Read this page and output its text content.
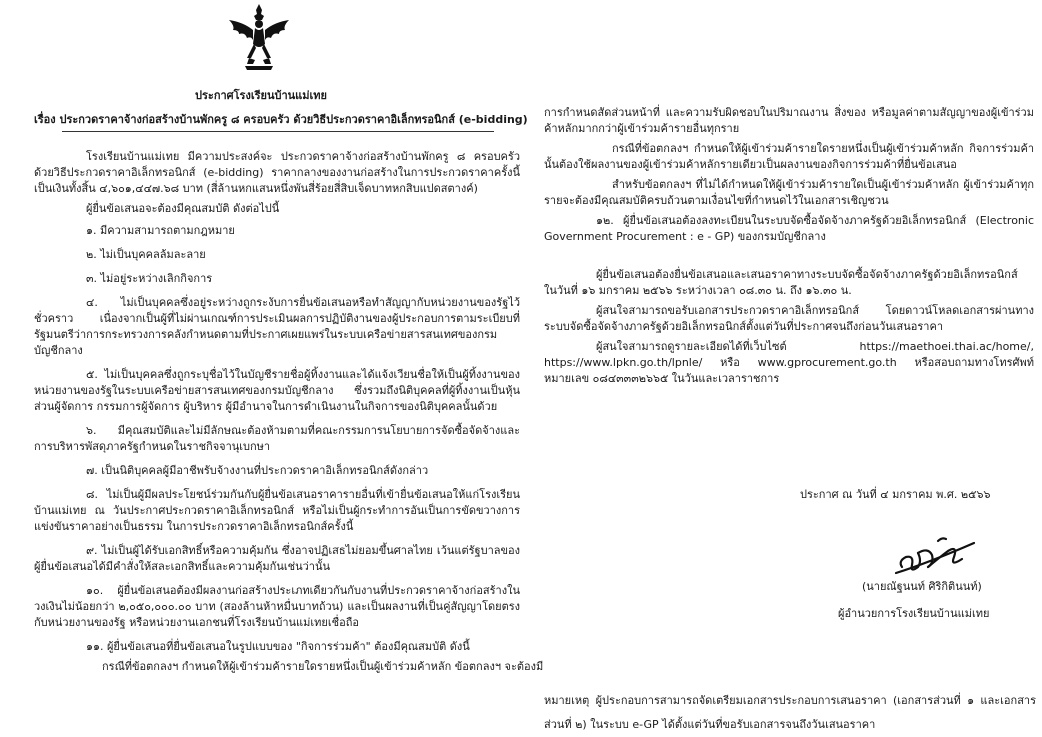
ประกาศโรงเรียนบ้านแม่เทย
เรื่อง ประกวดราคาจ้างก่อสร้างบ้านพักครู ๘ ครอบครัว ด้วยวิธีประกวดราคาอิเล็กทรอนิกส์ (e-bidding)

โรงเรียนบ้านแม่เทย มีความประสงค์จะ ประกวดราคาจ้างก่อสร้างบ้านพักครู ๘ ครอบครัว ด้วยวิธีประกวดราคาอิเล็กทรอนิกส์ (e-bidding) ราคากลางของงานก่อสร้างในการประกวดราคาครั้งนี้เป็นเงินทั้งสิ้น ๔,๖๐๑,๔๔๗.๖๘ บาท (สี่ล้านหกแสนหนึ่งพันสี่ร้อยสี่สิบเจ็ดบาทหกสิบแปดสตางค์)

ผู้ยื่นข้อเสนอจะต้องมีคุณสมบัติ ดังต่อไปนี้

๑. มีความสามารถตามกฎหมาย

๒. ไม่เป็นบุคคลล้มละลาย

๓. ไม่อยู่ระหว่างเลิกกิจการ

๔. ไม่เป็นบุคคลซึ่งอยู่ระหว่างถูกระงับการยื่นข้อเสนอหรือทำสัญญากับหน่วยงานของรัฐไว้ชั่วคราว เนื่องจากเป็นผู้ที่ไม่ผ่านเกณฑ์การประเมินผลการปฏิบัติงานของผู้ประกอบการตามระเบียบที่รัฐมนตรีว่าการกระทรวงการคลังกำหนดตามที่ประกาศเผยแพร่ในระบบเครือข่ายสารสนเทศของกรมบัญชีกลาง

๕. ไม่เป็นบุคคลซึ่งถูกระบุชื่อไว้ในบัญชีรายชื่อผู้ทิ้งงานและได้แจ้งเวียนชื่อให้เป็นผู้ทิ้งงานของหน่วยงานของรัฐในระบบเครือข่ายสารสนเทศของกรมบัญชีกลาง ซึ่งรวมถึงนิติบุคคลที่ผู้ทิ้งงานเป็นหุ้นส่วนผู้จัดการ กรรมการผู้จัดการ ผู้บริหาร ผู้มีอำนาจในการดำเนินงานในกิจการของนิติบุคคลนั้นด้วย

๖. มีคุณสมบัติและไม่มีลักษณะต้องห้ามตามที่คณะกรรมการนโยบายการจัดซื้อจัดจ้างและการบริหารพัสดุภาครัฐกำหนดในราชกิจจานุเบกษา

๗. เป็นนิติบุคคลผู้มีอาชีพรับจ้างงานที่ประกวดราคาอิเล็กทรอนิกส์ดังกล่าว

๘. ไม่เป็นผู้มีผลประโยชน์ร่วมกันกับผู้ยื่นข้อเสนอราคารายอื่นที่เข้ายื่นข้อเสนอให้แก่โรงเรียนบ้านแม่เทย ณ วันประกาศประกวดราคาอิเล็กทรอนิกส์ หรือไม่เป็นผู้กระทำการอันเป็นการขัดขวางการแข่งขันราคาอย่างเป็นธรรม ในการประกวดราคาอิเล็กทรอนิกส์ครั้งนี้

๙. ไม่เป็นผู้ได้รับเอกสิทธิ์หรือความคุ้มกัน ซึ่งอาจปฏิเสธไม่ยอมขึ้นศาลไทย เว้นแต่รัฐบาลของผู้ยื่นข้อเสนอได้มีคำสั่งให้สละเอกสิทธิ์และความคุ้มกันเช่นว่านั้น

๑๐. ผู้ยื่นข้อเสนอต้องมีผลงานก่อสร้างประเภทเดียวกันกับงานที่ประกวดราคาจ้างก่อสร้างในวงเงินไม่น้อยกว่า ๒,๐๕๐,๐๐๐.๐๐ บาท (สองล้านห้าหมื่นบาทถ้วน) และเป็นผลงานที่เป็นคู่สัญญาโดยตรงกับหน่วยงานของรัฐ หรือหน่วยงานเอกชนที่โรงเรียนบ้านแม่เทยเชื่อถือ

๑๑. ผู้ยื่นข้อเสนอที่ยื่นข้อเสนอในรูปแบบของ "กิจการร่วมค้า" ต้องมีคุณสมบัติ ดังนี้

กรณีที่ข้อตกลงฯ กำหนดให้ผู้เข้าร่วมค้ารายใดรายหนึ่งเป็นผู้เข้าร่วมค้าหลัก ข้อตกลงฯ จะต้องมี

การกำหนดสัดส่วนหน้าที่ และความรับผิดชอบในปริมาณงาน สิ่งของ หรือมูลค่าตามสัญญาของผู้เข้าร่วมค้าหลักมากกว่าผู้เข้าร่วมค้ารายอื่นทุกราย

กรณีที่ข้อตกลงฯ กำหนดให้ผู้เข้าร่วมค้ารายใดรายหนึ่งเป็นผู้เข้าร่วมค้าหลัก กิจการร่วมค้านั้นต้องใช้ผลงานของผู้เข้าร่วมค้าหลักรายเดียวเป็นผลงานของกิจการร่วมค้าที่ยื่นข้อเสนอ

สำหรับข้อตกลงฯ ที่ไม่ได้กำหนดให้ผู้เข้าร่วมค้ารายใดเป็นผู้เข้าร่วมค้าหลัก ผู้เข้าร่วมค้าทุกรายจะต้องมีคุณสมบัติครบถ้วนตามเงื่อนไขที่กำหนดไว้ในเอกสารเชิญชวน

๑๒. ผู้ยื่นข้อเสนอต้องลงทะเบียนในระบบจัดซื้อจัดจ้างภาครัฐด้วยอิเล็กทรอนิกส์ (Electronic Government Procurement : e - GP) ของกรมบัญชีกลาง

ผู้ยื่นข้อเสนอต้องยื่นข้อเสนอและเสนอราคาทางระบบจัดซื้อจัดจ้างภาครัฐด้วยอิเล็กทรอนิกส์ ในวันที่ ๑๖ มกราคม ๒๕๖๖ ระหว่างเวลา ๐๘.๓๐ น. ถึง ๑๖.๓๐ น.

ผู้สนใจสามารถขอรับเอกสารประกวดราคาอิเล็กทรอนิกส์ โดยดาวน์โหลดเอกสารผ่านทางระบบจัดซื้อจัดจ้างภาครัฐด้วยอิเล็กทรอนิกส์ตั้งแต่วันที่ประกาศจนถึงก่อนวันเสนอราคา

ผู้สนใจสามารถดูรายละเอียดได้ที่เว็บไซต์ https://maethoei.thai.ac/home/, https://www.lpkn.go.th/lpnle/ หรือ www.gprocurement.go.th หรือสอบถามทางโทรศัพท์หมายเลข ๐๘๔๓๓๓๒๖๖๕ ในวันและเวลาราชการ

ประกาศ ณ วันที่ ๔ มกราคม พ.ศ. ๒๕๖๖
(นายณัฐนนท์ ศิริกิตินนท์)
ผู้อำนวยการโรงเรียนบ้านแม่เทย
หมายเหตุ ผู้ประกอบการสามารถจัดเตรียมเอกสารประกอบการเสนอราคา (เอกสารส่วนที่ ๑ และเอกสารส่วนที่ ๒) ในระบบ e-GP ได้ตั้งแต่วันที่ขอรับเอกสารจนถึงวันเสนอราคา
